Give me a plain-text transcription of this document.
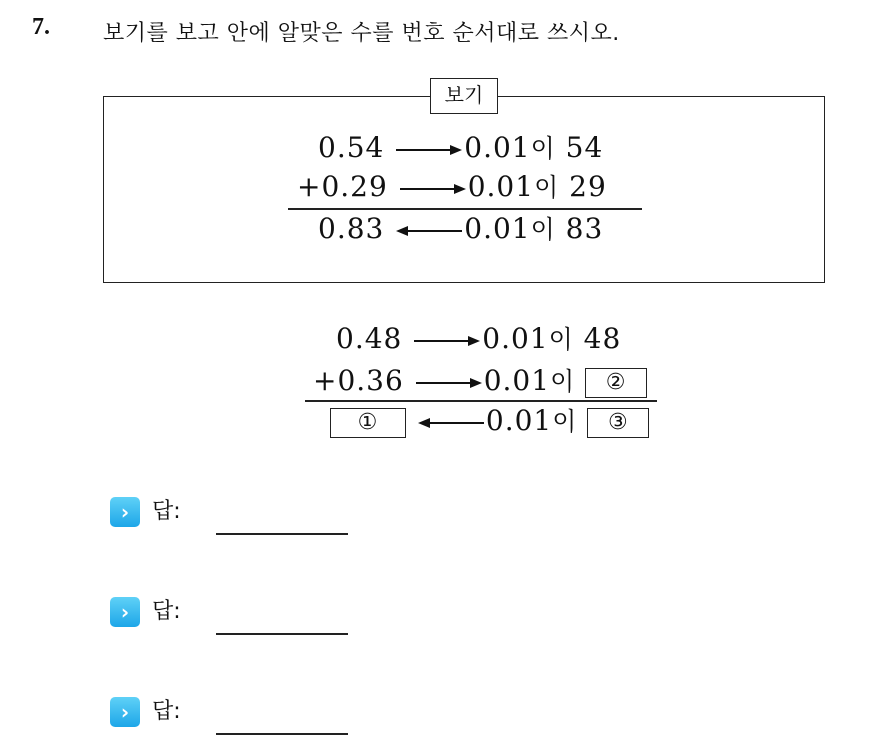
7. 보기를 보고 안에 알맞은 수를 번호 순서대로 쓰시오.
보기
0.54	0.01이 54
+0.29	0.01이 29
0.83	0.01이 83
0.48	0.01이 48
+0.36	0.01이 ②
①	0.01이 ③
›	답:
›	답:
›	답:
